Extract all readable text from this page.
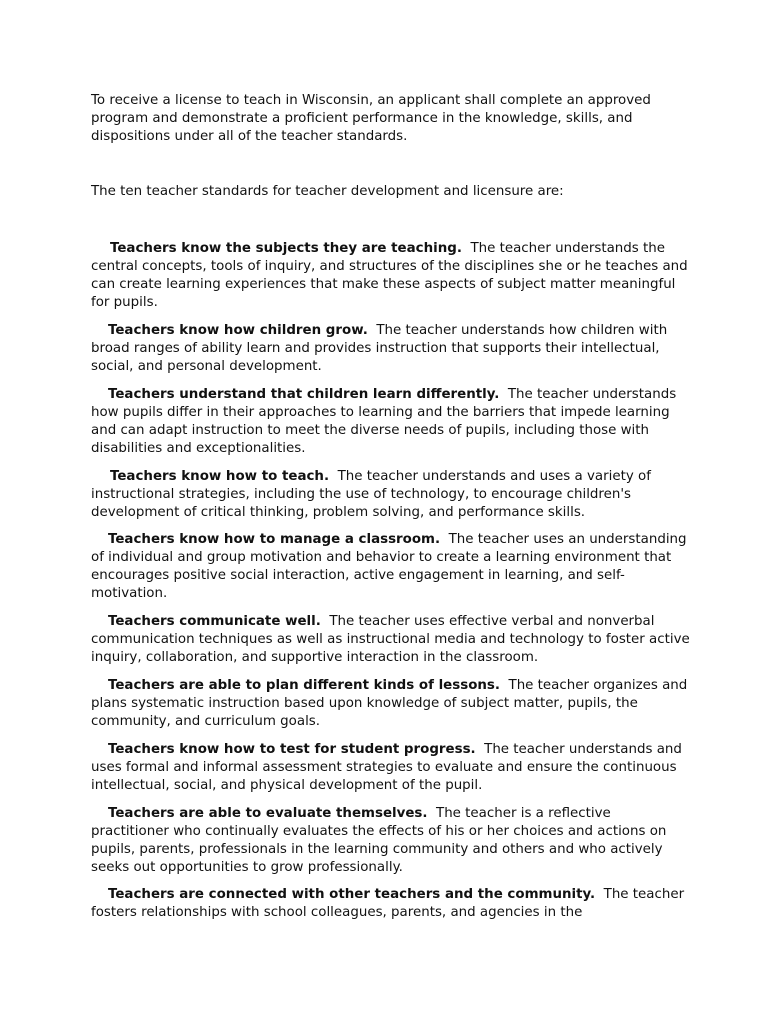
To receive a license to teach in Wisconsin, an applicant shall complete an approved program and demonstrate a proficient performance in the knowledge, skills, and dispositions under all of the teacher standards.

The ten teacher standards for teacher development and licensure are:

Teachers know the subjects they are teaching. The teacher understands the central concepts, tools of inquiry, and structures of the disciplines she or he teaches and can create learning experiences that make these aspects of subject matter meaningful for pupils.
Teachers know how children grow. The teacher understands how children with broad ranges of ability learn and provides instruction that supports their intellectual, social, and personal development.
Teachers understand that children learn differently. The teacher understands how pupils differ in their approaches to learning and the barriers that impede learning and can adapt instruction to meet the diverse needs of pupils, including those with disabilities and exceptionalities.
Teachers know how to teach. The teacher understands and uses a variety of instructional strategies, including the use of technology, to encourage children's development of critical thinking, problem solving, and performance skills.
Teachers know how to manage a classroom. The teacher uses an understanding of individual and group motivation and behavior to create a learning environment that encourages positive social interaction, active engagement in learning, and self-motivation.
Teachers communicate well. The teacher uses effective verbal and nonverbal communication techniques as well as instructional media and technology to foster active inquiry, collaboration, and supportive interaction in the classroom.
Teachers are able to plan different kinds of lessons. The teacher organizes and plans systematic instruction based upon knowledge of subject matter, pupils, the community, and curriculum goals.
Teachers know how to test for student progress. The teacher understands and uses formal and informal assessment strategies to evaluate and ensure the continuous intellectual, social, and physical development of the pupil.
Teachers are able to evaluate themselves. The teacher is a reflective practitioner who continually evaluates the effects of his or her choices and actions on pupils, parents, professionals in the learning community and others and who actively seeks out opportunities to grow professionally.
Teachers are connected with other teachers and the community. The teacher fosters relationships with school colleagues, parents, and agencies in the
